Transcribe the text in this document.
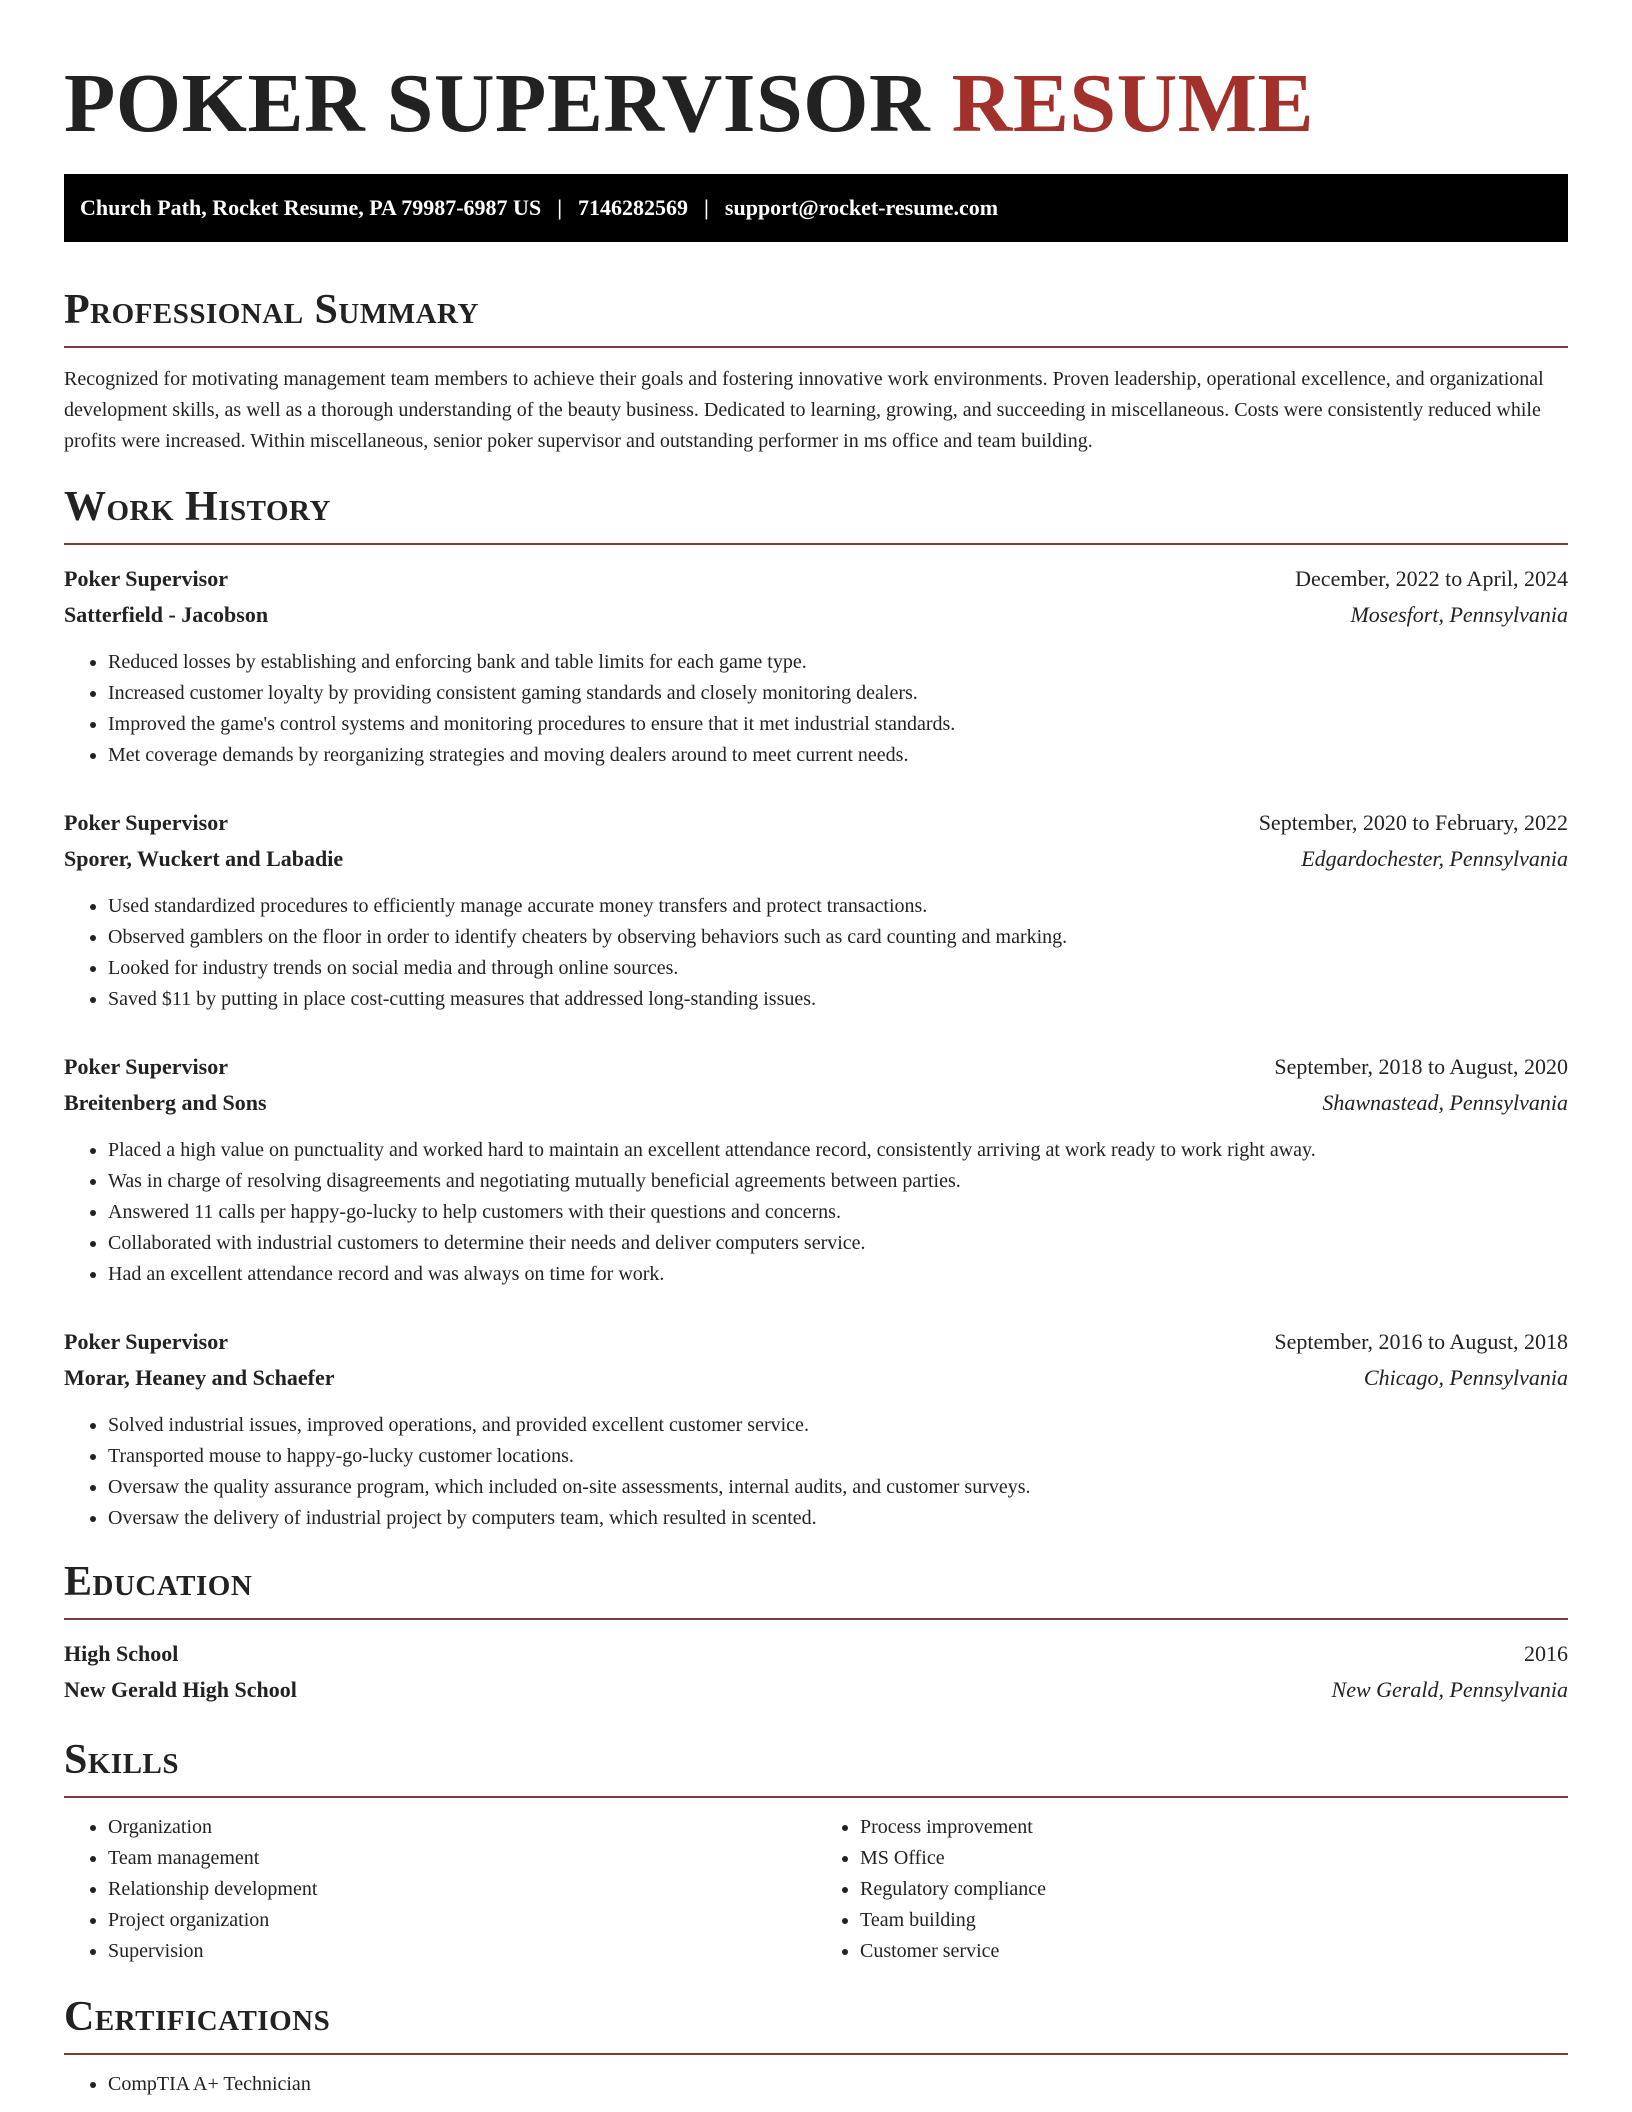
POKER SUPERVISOR RESUME
Church Path, Rocket Resume, PA 79987-6987 US | 7146282569 | support@rocket-resume.com
Professional Summary

Recognized for motivating management team members to achieve their goals and fostering innovative work environments. Proven leadership, operational excellence, and organizational development skills, as well as a thorough understanding of the beauty business. Dedicated to learning, growing, and succeeding in miscellaneous. Costs were consistently reduced while profits were increased. Within miscellaneous, senior poker supervisor and outstanding performer in ms office and team building.

Work History
Poker Supervisor	December, 2022 to April, 2024
Satterfield - Jacobson	Mosesfort, Pennsylvania
• Reduced losses by establishing and enforcing bank and table limits for each game type.
• Increased customer loyalty by providing consistent gaming standards and closely monitoring dealers.
• Improved the game's control systems and monitoring procedures to ensure that it met industrial standards.
• Met coverage demands by reorganizing strategies and moving dealers around to meet current needs.
Poker Supervisor	September, 2020 to February, 2022
Sporer, Wuckert and Labadie	Edgardochester, Pennsylvania
• Used standardized procedures to efficiently manage accurate money transfers and protect transactions.
• Observed gamblers on the floor in order to identify cheaters by observing behaviors such as card counting and marking.
• Looked for industry trends on social media and through online sources.
• Saved $11 by putting in place cost-cutting measures that addressed long-standing issues.
Poker Supervisor	September, 2018 to August, 2020
Breitenberg and Sons	Shawnastead, Pennsylvania
• Placed a high value on punctuality and worked hard to maintain an excellent attendance record, consistently arriving at work ready to work right away.
• Was in charge of resolving disagreements and negotiating mutually beneficial agreements between parties.
• Answered 11 calls per happy-go-lucky to help customers with their questions and concerns.
• Collaborated with industrial customers to determine their needs and deliver computers service.
• Had an excellent attendance record and was always on time for work.
Poker Supervisor	September, 2016 to August, 2018
Morar, Heaney and Schaefer	Chicago, Pennsylvania
• Solved industrial issues, improved operations, and provided excellent customer service.
• Transported mouse to happy-go-lucky customer locations.
• Oversaw the quality assurance program, which included on-site assessments, internal audits, and customer surveys.
• Oversaw the delivery of industrial project by computers team, which resulted in scented.
Education
High School	2016
New Gerald High School	New Gerald, Pennsylvania
Skills
• Organization
• Team management
• Relationship development
• Project organization
• Supervision
• Process improvement
• MS Office
• Regulatory compliance
• Team building
• Customer service
Certifications
• CompTIA A+ Technician
